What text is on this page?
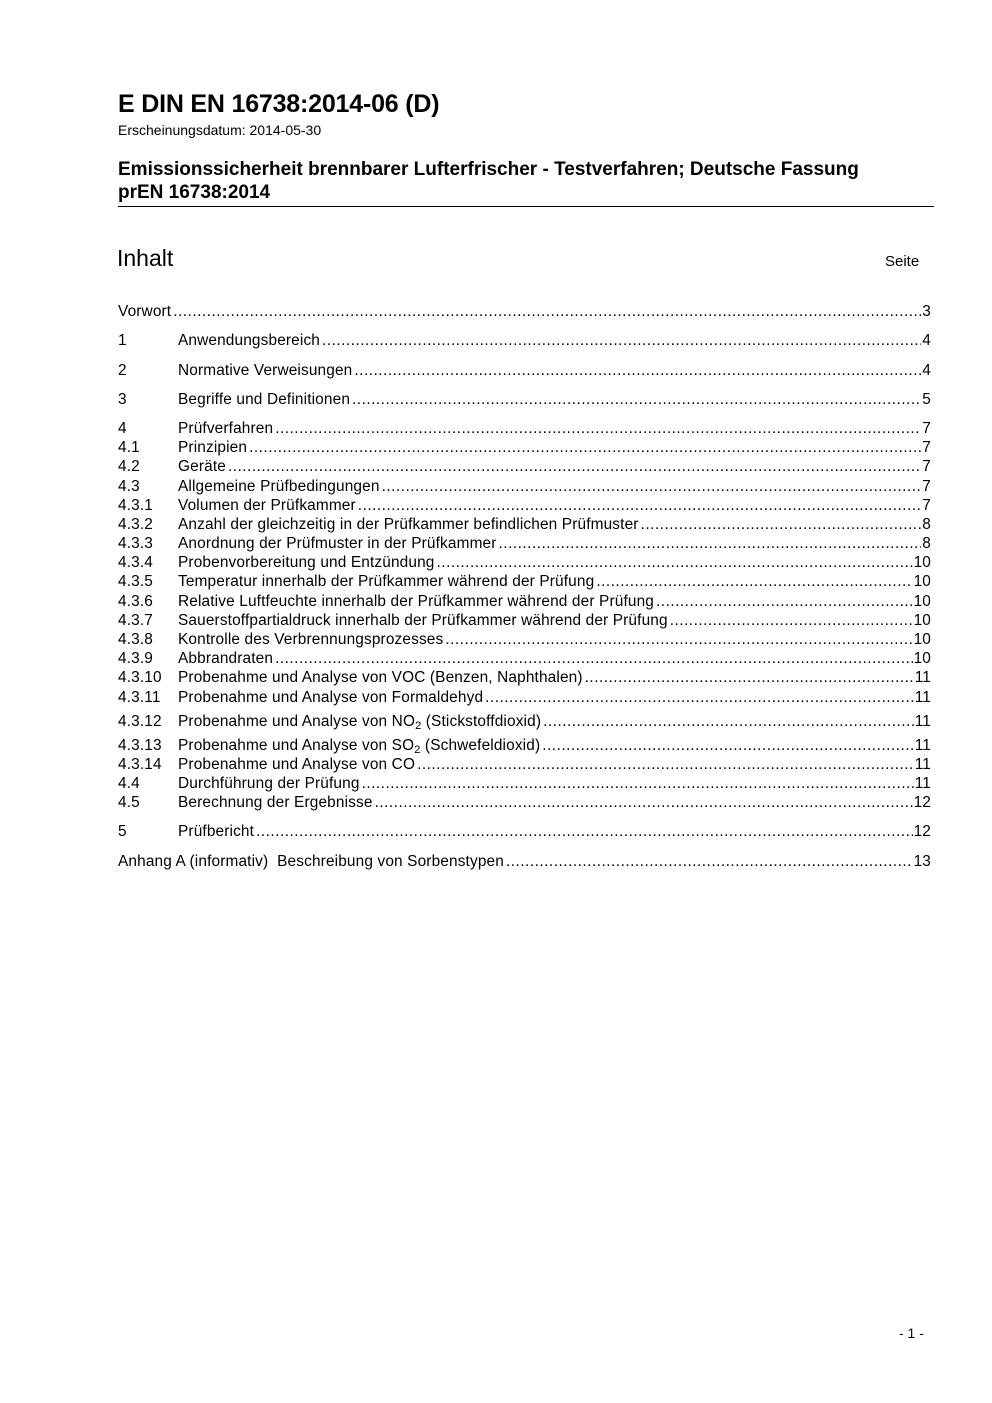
E DIN EN 16738:2014-06 (D)
Erscheinungsdatum: 2014-05-30
Emissionssicherheit brennbarer Lufterfrischer - Testverfahren; Deutsche Fassung
prEN 16738:2014
Inhalt	Seite
Vorwort .....	3
1	Anwendungsbereich .....	4
2	Normative Verweisungen .....	4
3	Begriffe und Definitionen .....	5
4	Prüfverfahren .....	7
4.1	Prinzipien .....	7
4.2	Geräte .....	7
4.3	Allgemeine Prüfbedingungen .....	7
4.3.1	Volumen der Prüfkammer .....	7
4.3.2	Anzahl der gleichzeitig in der Prüfkammer befindlichen Prüfmuster .....	8
4.3.3	Anordnung der Prüfmuster in der Prüfkammer .....	8
4.3.4	Probenvorbereitung und Entzündung .....	10
4.3.5	Temperatur innerhalb der Prüfkammer während der Prüfung .....	10
4.3.6	Relative Luftfeuchte innerhalb der Prüfkammer während der Prüfung .....	10
4.3.7	Sauerstoffpartialdruck innerhalb der Prüfkammer während der Prüfung .....	10
4.3.8	Kontrolle des Verbrennungsprozesses .....	10
4.3.9	Abbrandraten .....	10
4.3.10	Probenahme und Analyse von VOC (Benzen, Naphthalen) .....	11
4.3.11	Probenahme und Analyse von Formaldehyd .....	11
4.3.12	Probenahme und Analyse von $NO_2$ (Stickstoffdioxid) .....	11
4.3.13	Probenahme und Analyse von $SO_2$ (Schwefeldioxid) .....	11
4.3.14	Probenahme und Analyse von CO .....	11
4.4	Durchführung der Prüfung .....	11
4.5	Berechnung der Ergebnisse .....	12
5	Prüfbericht .....	12
Anhang A (informativ)  Beschreibung von Sorbenstypen .....	13
- 1 -
